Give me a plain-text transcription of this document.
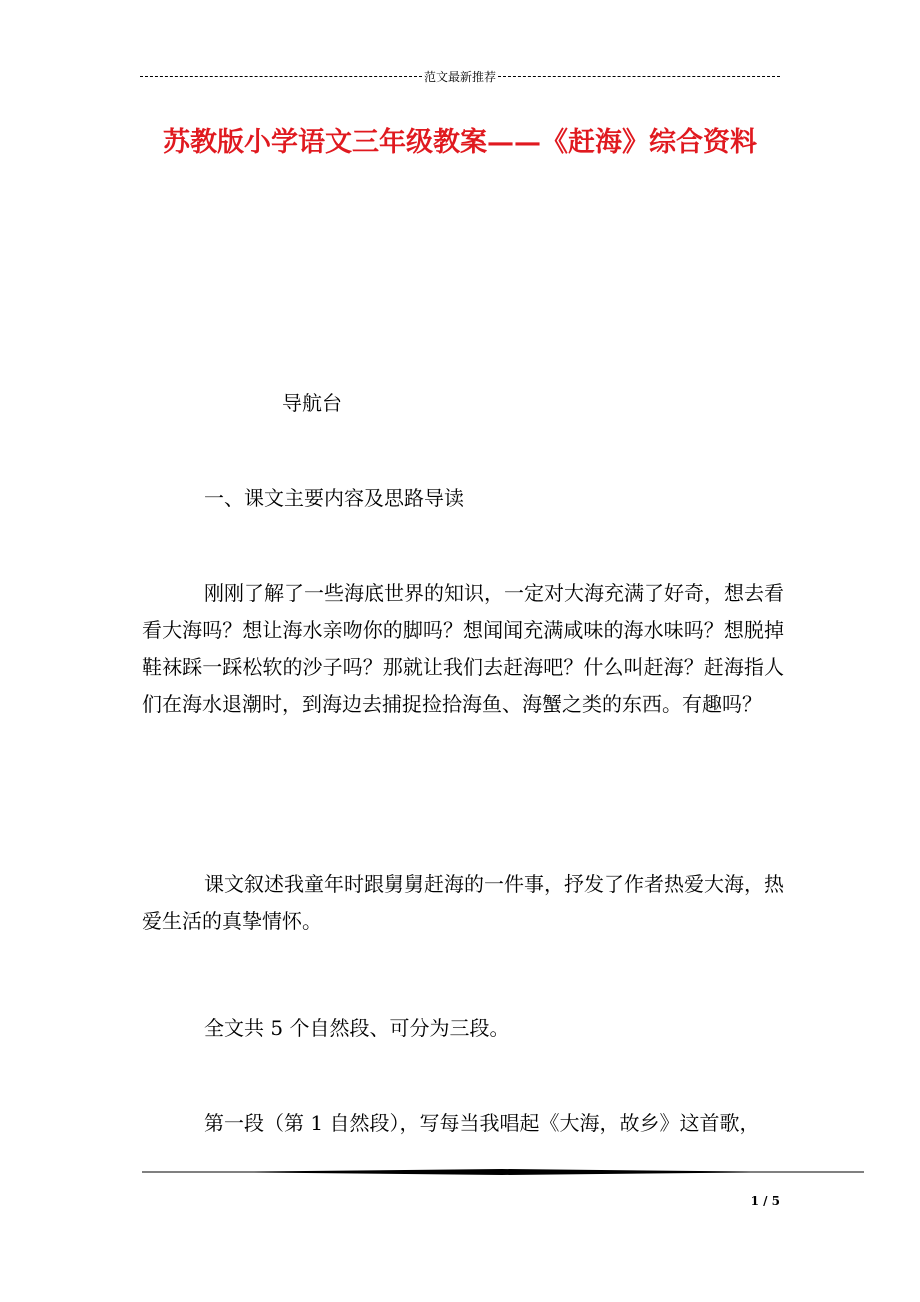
范文最新推荐
苏教版小学语文三年级教案——《赶海》综合资料
导航台
一、课文主要内容及思路导读
刚刚了解了一些海底世界的知识，一定对大海充满了好奇，想去看看大海吗？想让海水亲吻你的脚吗？想闻闻充满咸味的海水味吗？想脱掉鞋袜踩一踩松软的沙子吗？那就让我们去赶海吧？什么叫赶海？赶海指人们在海水退潮时，到海边去捕捉捡拾海鱼、海蟹之类的东西。有趣吗？
课文叙述我童年时跟舅舅赶海的一件事，抒发了作者热爱大海，热爱生活的真挚情怀。
全文共 5 个自然段、可分为三段。
第一段（第 1 自然段），写每当我唱起《大海，故乡》这首歌，
1 / 5
